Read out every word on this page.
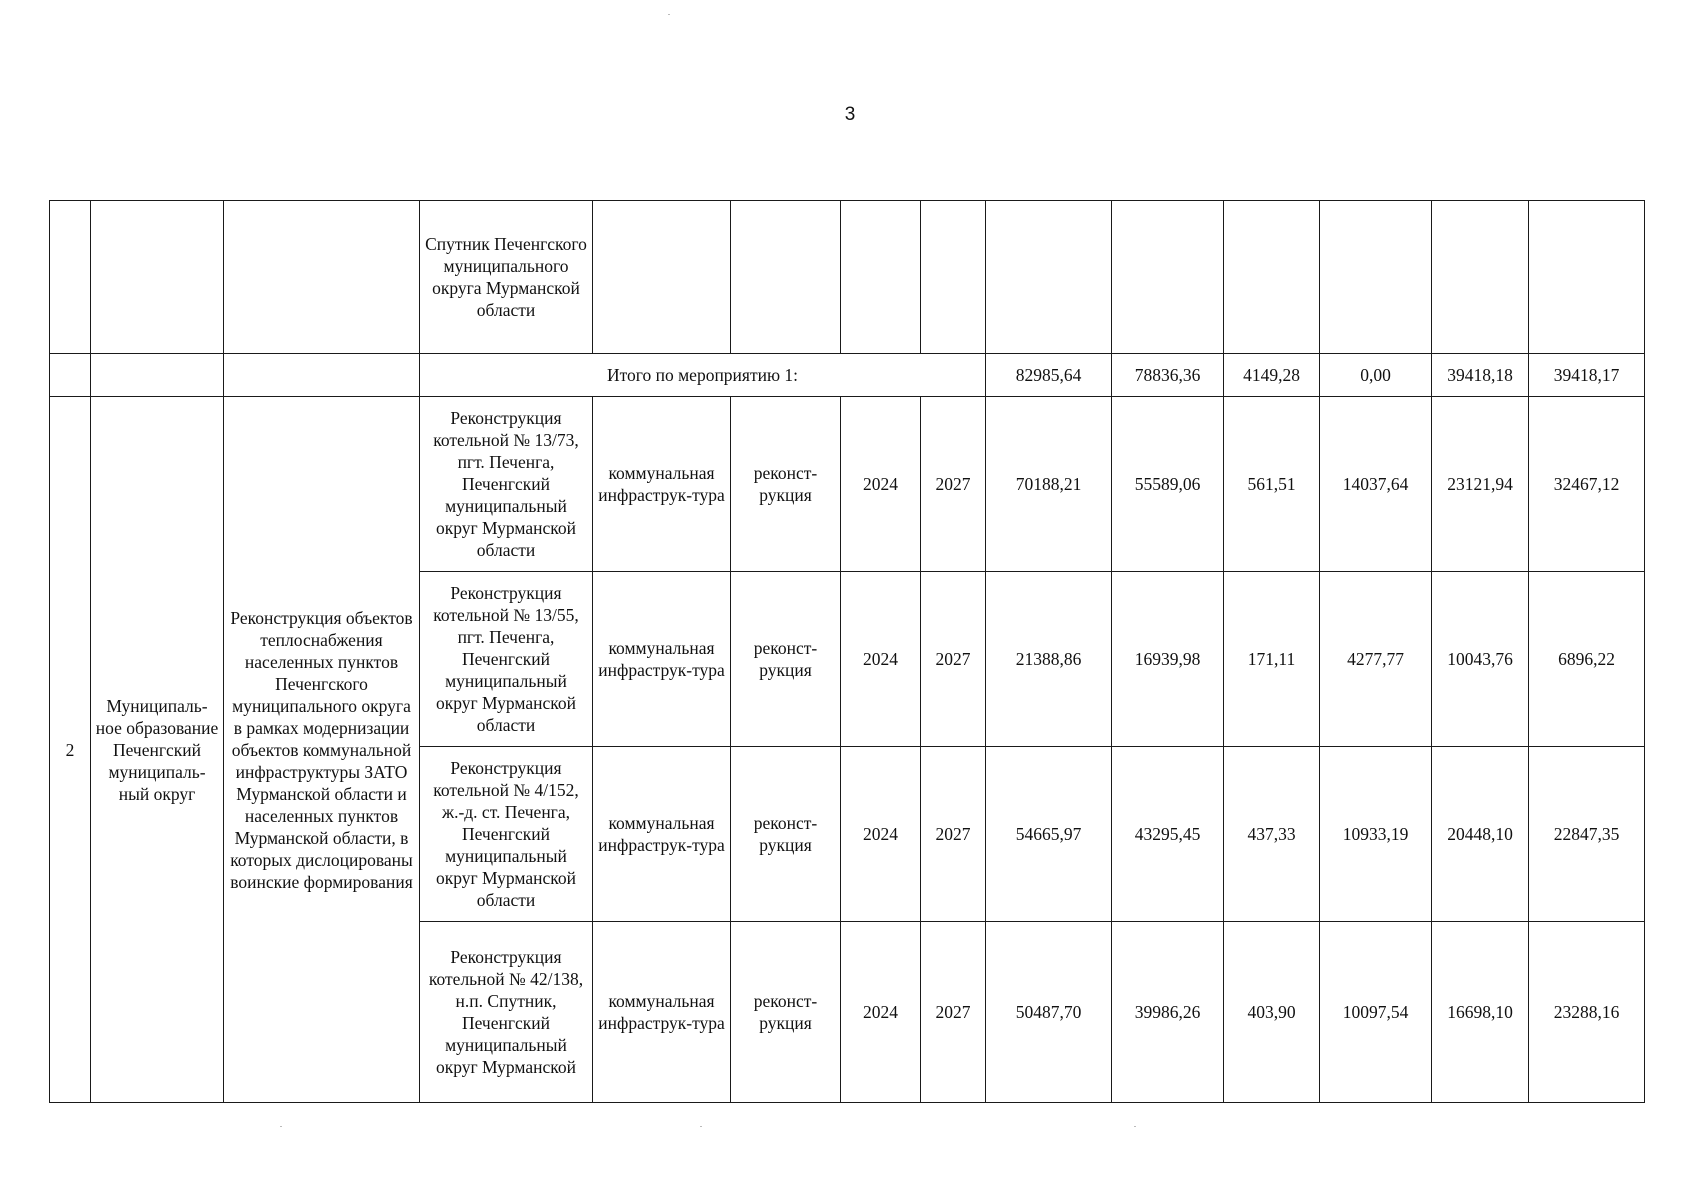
3
			Спутник Печенгского муниципального округа Мурманской области										
			Итого по мероприятию 1:					82985,64	78836,36	4149,28	0,00	39418,18	39418,17
2	Муниципаль-ное образование Печенгский муниципаль-ный округ	Реконструкция объектов теплоснабжения населенных пунктов Печенгского муниципального округа в рамках модернизации объектов коммунальной инфраструктуры ЗАТО Мурманской области и населенных пунктов Мурманской области, в которых дислоцированы воинские формирования	Реконструкция котельной № 13/73, пгт. Печенга, Печенгский муниципальный округ Мурманской области	коммунальная инфраструк-тура	реконст-рукция	2024	2027	70188,21	55589,06	561,51	14037,64	23121,94	32467,12
			Реконструкция котельной № 13/55, пгт. Печенга, Печенгский муниципальный округ Мурманской области	коммунальная инфраструк-тура	реконст-рукция	2024	2027	21388,86	16939,98	171,11	4277,77	10043,76	6896,22
			Реконструкция котельной № 4/152, ж.-д. ст. Печенга, Печенгский муниципальный округ Мурманской области	коммунальная инфраструк-тура	реконст-рукция	2024	2027	54665,97	43295,45	437,33	10933,19	20448,10	22847,35
			Реконструкция котельной № 42/138, н.п. Спутник, Печенгский муниципальный округ Мурманской	коммунальная инфраструк-тура	реконст-рукция	2024	2027	50487,70	39986,26	403,90	10097,54	16698,10	23288,16
